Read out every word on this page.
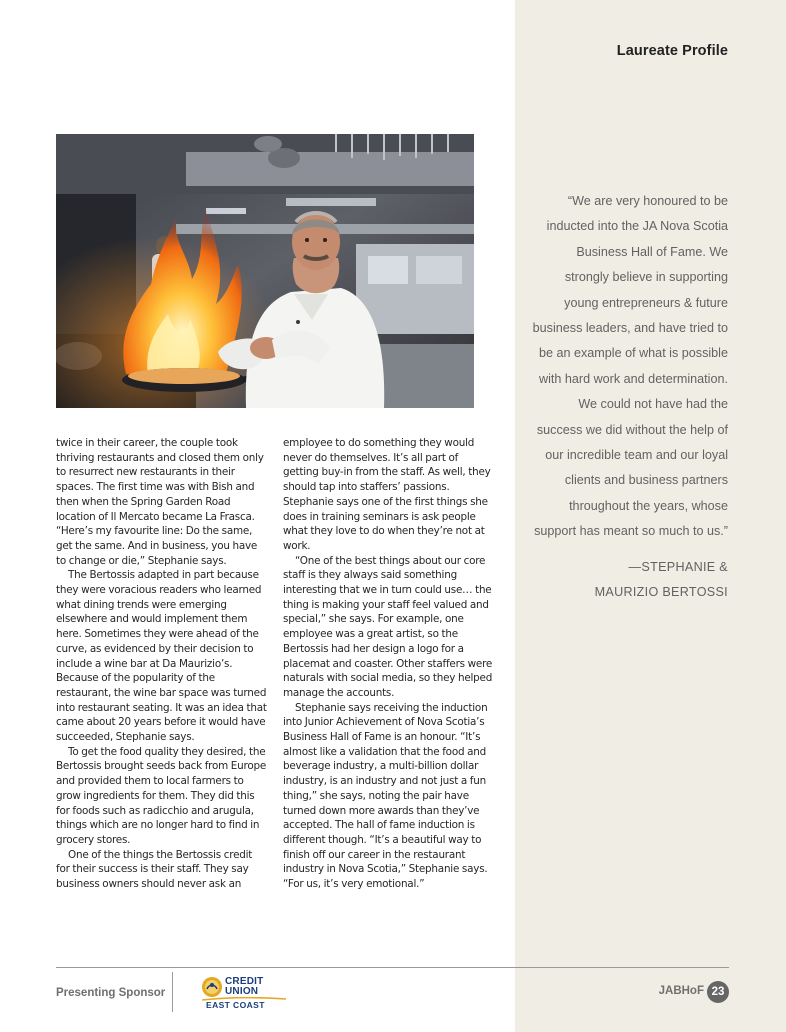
Laureate Profile

twice in their career, the couple took thriving restaurants and closed them only to resurrect new restaurants in their spaces. The first time was with Bish and then when the Spring Garden Road location of Il Mercato became La Frasca. “Here’s my favourite line: Do the same, get the same. And in business, you have to change or die,” Stephanie says.

The Bertossis adapted in part because they were voracious readers who learned what dining trends were emerging elsewhere and would implement them here. Sometimes they were ahead of the curve, as evidenced by their decision to include a wine bar at Da Maurizio’s. Because of the popularity of the restaurant, the wine bar space was turned into restaurant seating. It was an idea that came about 20 years before it would have succeeded, Stephanie says.

To get the food quality they desired, the Bertossis brought seeds back from Europe and provided them to local farmers to grow ingredients for them. They did this for foods such as radicchio and arugula, things which are no longer hard to find in grocery stores.

One of the things the Bertossis credit for their success is their staff. They say business owners should never ask an

employee to do something they would never do themselves. It’s all part of getting buy-in from the staff. As well, they should tap into staffers’ passions. Stephanie says one of the first things she does in training seminars is ask people what they love to do when they’re not at work.

“One of the best things about our core staff is they always said something interesting that we in turn could use… the thing is making your staff feel valued and special,” she says. For example, one employee was a great artist, so the Bertossis had her design a logo for a placemat and coaster. Other staffers were naturals with social media, so they helped manage the accounts.

Stephanie says receiving the induction into Junior Achievement of Nova Scotia’s Business Hall of Fame is an honour. “It’s almost like a validation that the food and beverage industry, a multi-billion dollar industry, is an industry and not just a fun thing,” she says, noting the pair have turned down more awards than they’ve accepted. The hall of fame induction is different though. “It’s a beautiful way to finish off our career in the restaurant industry in Nova Scotia,” Stephanie says. “For us, it’s very emotional.”

“We are very honoured to be inducted into the JA Nova Scotia Business Hall of Fame. We strongly believe in supporting young entrepreneurs & future business leaders, and have tried to be an example of what is possible with hard work and determination. We could not have had the success we did without the help of our incredible team and our loyal clients and business partners throughout the years, whose support has meant so much to us.”

—STEPHANIE &
MAURIZIO BERTOSSI
Presenting Sponsor
CREDIT
UNION
EAST COAST
JABHoF 23
